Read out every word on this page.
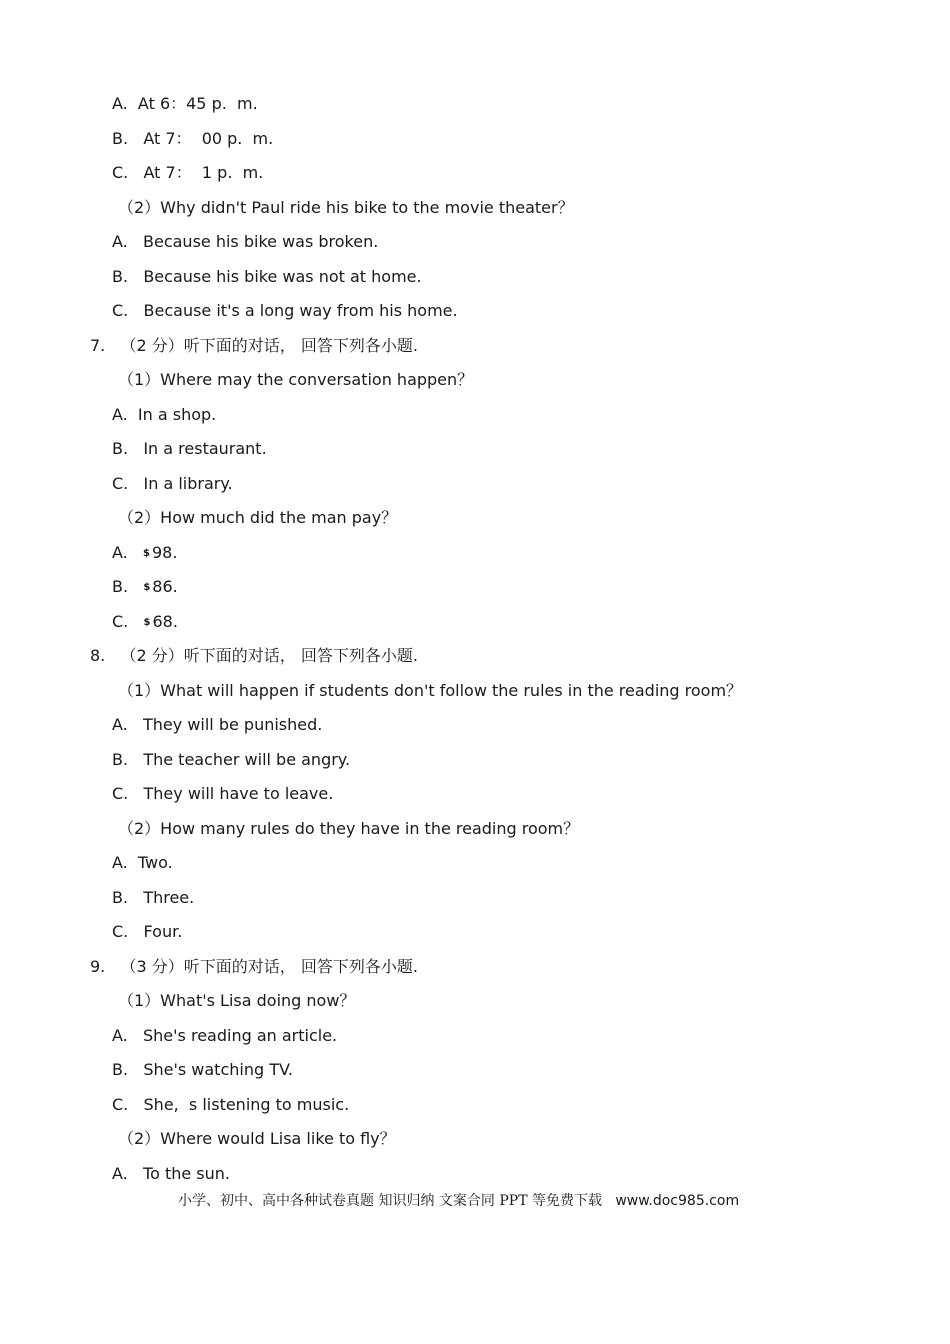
A.  At 6：45 p.  m.
B.   At 7：  00 p.  m.
C.   At 7：  1 p.  m.
（2）Why didn't Paul ride his bike to the movie theater？
A.   Because his bike was broken.
B.   Because his bike was not at home.
C.   Because it's a long way from his home.
7.   （2 分）听下面的对话， 回答下列各小题.
（1）Where may the conversation happen？
A.  In a shop.
B.   In a restaurant.
C.   In a library.
（2）How much did the man pay？
A.   $ 98.
B.   $ 86.
C.   $ 68.
8.   （2 分）听下面的对话， 回答下列各小题.
（1）What will happen if students don't follow the rules in the reading room？
A.   They will be punished.
B.   The teacher will be angry.
C.   They will have to leave.
（2）How many rules do they have in the reading room？
A.  Two.
B.   Three.
C.   Four.
9.   （3 分）听下面的对话， 回答下列各小题.
（1）What's Lisa doing now？
A.   She's reading an article.
B.   She's watching TV.
C.   She,  s listening to music.
（2）Where would Lisa like to fly？
A.   To the sun.
小学、初中、高中各种试卷真题 知识归纳 文案合同 PPT 等免费下载 www.doc985.com
